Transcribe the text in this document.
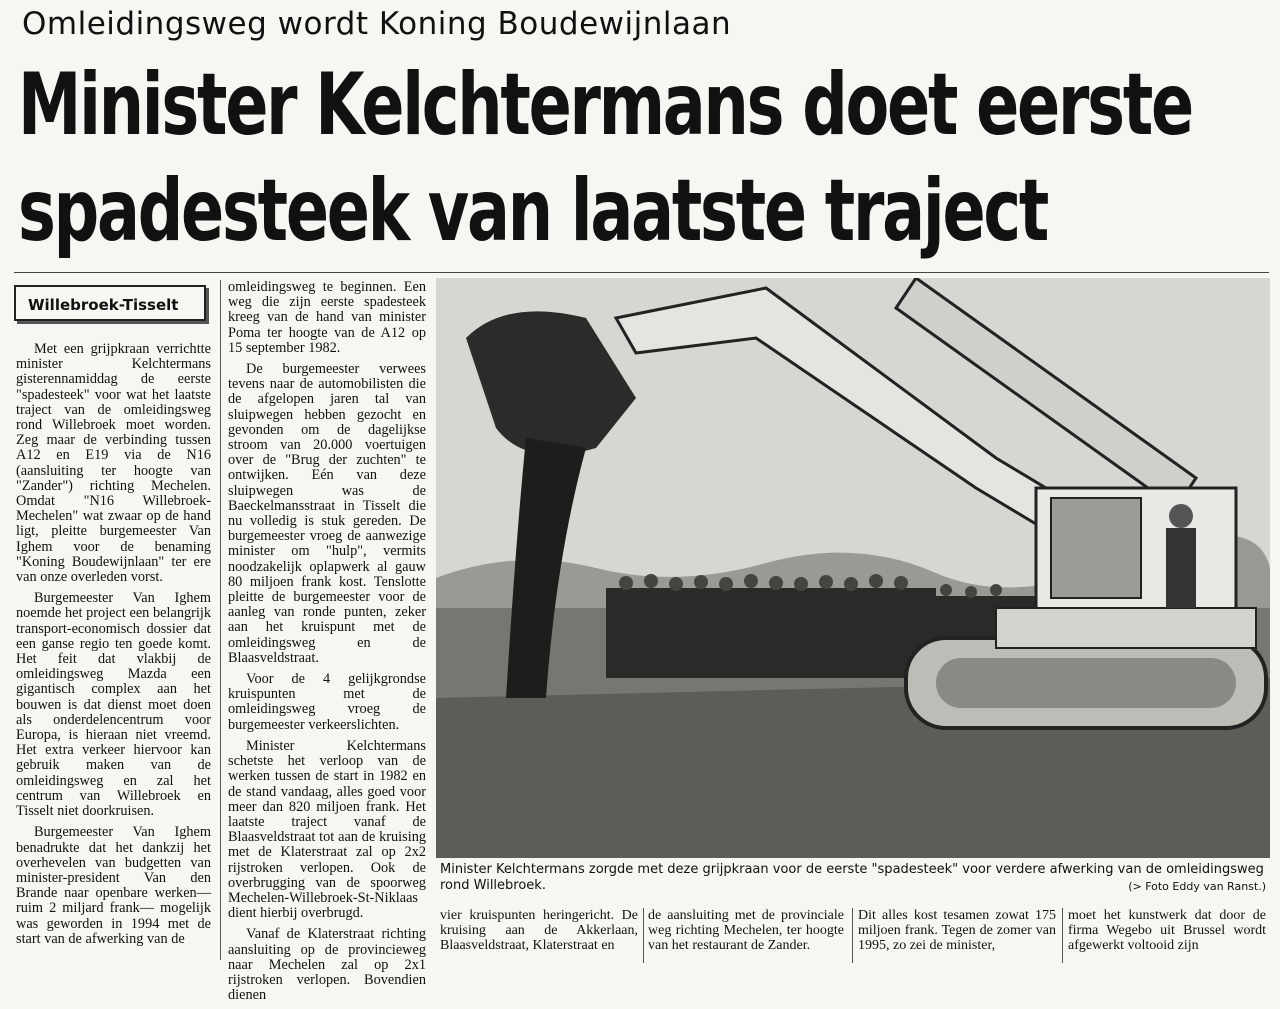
Omleidingsweg wordt Koning Boudewijnlaan
Minister Kelchtermans doet eerste
spadesteek van laatste traject
Willebroek-Tisselt

Met een grijpkraan verrichtte minister Kelchtermans gisterennamiddag de eerste "spadesteek" voor wat het laatste traject van de omleidingsweg rond Willebroek moet worden. Zeg maar de verbinding tussen A12 en E19 via de N16 (aansluiting ter hoogte van "Zander") richting Mechelen. Omdat "N16 Willebroek-Mechelen" wat zwaar op de hand ligt, pleitte burgemeester Van Ighem voor de benaming "Koning Boudewijnlaan" ter ere van onze overleden vorst.

Burgemeester Van Ighem noemde het project een belangrijk transport-economisch dossier dat een ganse regio ten goede komt. Het feit dat vlakbij de omleidingsweg Mazda een gigantisch complex aan het bouwen is dat dienst moet doen als onderdelencentrum voor Europa, is hieraan niet vreemd. Het extra verkeer hiervoor kan gebruik maken van de omleidingsweg en zal het centrum van Willebroek en Tisselt niet doorkruisen.

Burgemeester Van Ighem benadrukte dat het dankzij het overhevelen van budgetten van minister-president Van den Brande naar openbare werken— ruim 2 miljard frank— mogelijk was geworden in 1994 met de start van de afwerking van de

omleidingsweg te beginnen. Een weg die zijn eerste spadesteek kreeg van de hand van minister Poma ter hoogte van de A12 op 15 september 1982.

De burgemeester verwees tevens naar de automobilisten die de afgelopen jaren tal van sluipwegen hebben gezocht en gevonden om de dagelijkse stroom van 20.000 voertuigen over de "Brug der zuchten" te ontwijken. Eén van deze sluipwegen was de Baeckelmansstraat in Tisselt die nu volledig is stuk gereden. De burgemeester vroeg de aanwezige minister om "hulp", vermits noodzakelijk oplapwerk al gauw 80 miljoen frank kost. Tenslotte pleitte de burgemeester voor de aanleg van ronde punten, zeker aan het kruispunt met de omleidingsweg en de Blaasveldstraat.

Voor de 4 gelijkgrondse kruispunten met de omleidingsweg vroeg de burgemeester verkeerslichten.

Minister Kelchtermans schetste het verloop van de werken tussen de start in 1982 en de stand vandaag, alles goed voor meer dan 820 miljoen frank. Het laatste traject vanaf de Blaasveldstraat tot aan de kruising met de Klaterstraat zal op 2x2 rijstroken verlopen. Ook de overbrugging van de spoorweg Mechelen-Willebroek-St-Niklaas dient hierbij overbrugd.

Vanaf de Klaterstraat richting aansluiting op de provincieweg naar Mechelen zal op 2x1 rijstroken verlopen. Bovendien dienen

Minister Kelchtermans zorgde met deze grijpkraan voor de eerste "spadesteek" voor verdere afwerking van de omleidingsweg rond Willebroek.	(> Foto Eddy van Ranst.)
vier kruispunten heringericht. De kruising aan de Akkerlaan, Blaasveldstraat, Klaterstraat en
de aansluiting met de provinciale weg richting Mechelen, ter hoogte van het restaurant de Zander.
Dit alles kost tesamen zowat 175 miljoen frank. Tegen de zomer van 1995, zo zei de minister,
moet het kunstwerk dat door de firma Wegebo uit Brussel wordt afgewerkt voltooid zijn
